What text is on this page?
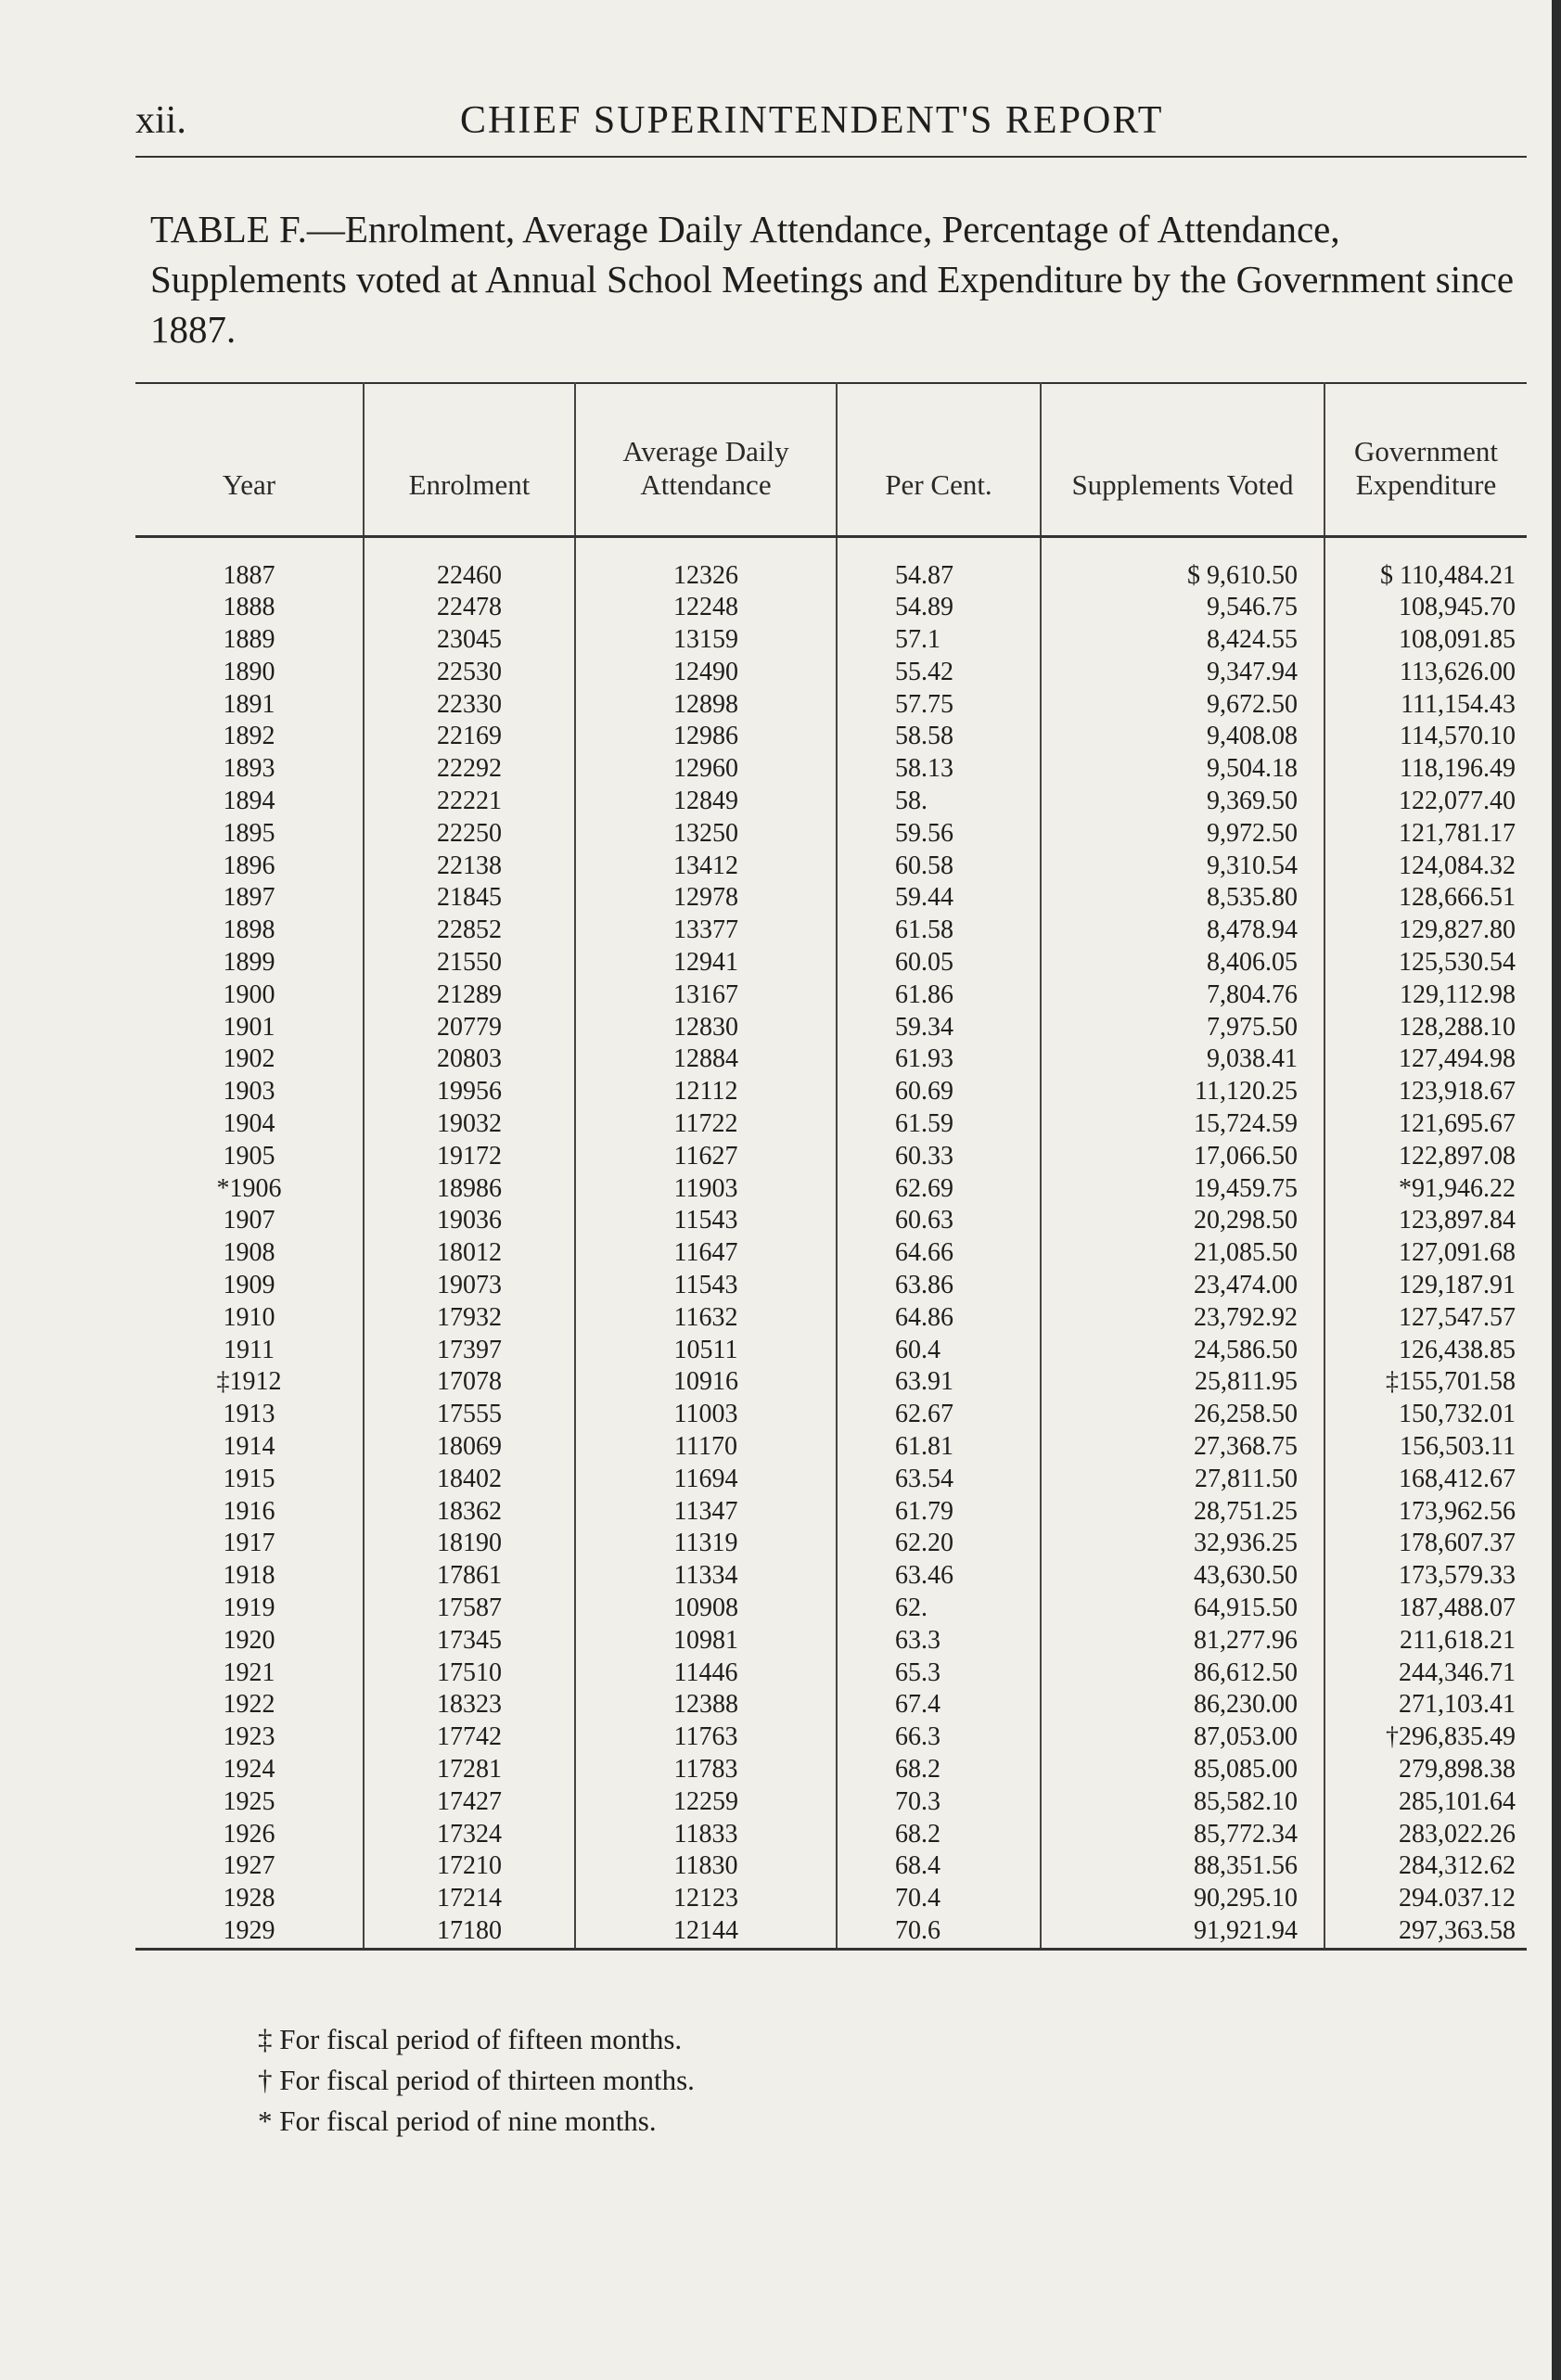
xii.	CHIEF SUPERINTENDENT'S REPORT

TABLE F.—Enrolment, Average Daily Attendance, Percentage of Attendance, Supplements voted at Annual School Meetings and Expenditure by the Government since 1887.

Year	Enrolment	Average Daily Attendance	Per Cent.	Supplements Voted	Government Expenditure
1887	22460	12326	54.87	$ 9,610.50	$ 110,484.21
1888	22478	12248	54.89	9,546.75	108,945.70
1889	23045	13159	57.1	8,424.55	108,091.85
1890	22530	12490	55.42	9,347.94	113,626.00
1891	22330	12898	57.75	9,672.50	111,154.43
1892	22169	12986	58.58	9,408.08	114,570.10
1893	22292	12960	58.13	9,504.18	118,196.49
1894	22221	12849	58.	9,369.50	122,077.40
1895	22250	13250	59.56	9,972.50	121,781.17
1896	22138	13412	60.58	9,310.54	124,084.32
1897	21845	12978	59.44	8,535.80	128,666.51
1898	22852	13377	61.58	8,478.94	129,827.80
1899	21550	12941	60.05	8,406.05	125,530.54
1900	21289	13167	61.86	7,804.76	129,112.98
1901	20779	12830	59.34	7,975.50	128,288.10
1902	20803	12884	61.93	9,038.41	127,494.98
1903	19956	12112	60.69	11,120.25	123,918.67
1904	19032	11722	61.59	15,724.59	121,695.67
1905	19172	11627	60.33	17,066.50	122,897.08
*1906	18986	11903	62.69	19,459.75	*91,946.22
1907	19036	11543	60.63	20,298.50	123,897.84
1908	18012	11647	64.66	21,085.50	127,091.68
1909	19073	11543	63.86	23,474.00	129,187.91
1910	17932	11632	64.86	23,792.92	127,547.57
1911	17397	10511	60.4	24,586.50	126,438.85
‡1912	17078	10916	63.91	25,811.95	‡155,701.58
1913	17555	11003	62.67	26,258.50	150,732.01
1914	18069	11170	61.81	27,368.75	156,503.11
1915	18402	11694	63.54	27,811.50	168,412.67
1916	18362	11347	61.79	28,751.25	173,962.56
1917	18190	11319	62.20	32,936.25	178,607.37
1918	17861	11334	63.46	43,630.50	173,579.33
1919	17587	10908	62.	64,915.50	187,488.07
1920	17345	10981	63.3	81,277.96	211,618.21
1921	17510	11446	65.3	86,612.50	244,346.71
1922	18323	12388	67.4	86,230.00	271,103.41
1923	17742	11763	66.3	87,053.00	†296,835.49
1924	17281	11783	68.2	85,085.00	279,898.38
1925	17427	12259	70.3	85,582.10	285,101.64
1926	17324	11833	68.2	85,772.34	283,022.26
1927	17210	11830	68.4	88,351.56	284,312.62
1928	17214	12123	70.4	90,295.10	294.037.12
1929	17180	12144	70.6	91,921.94	297,363.58
‡ For fiscal period of fifteen months.
† For fiscal period of thirteen months.
* For fiscal period of nine months.
